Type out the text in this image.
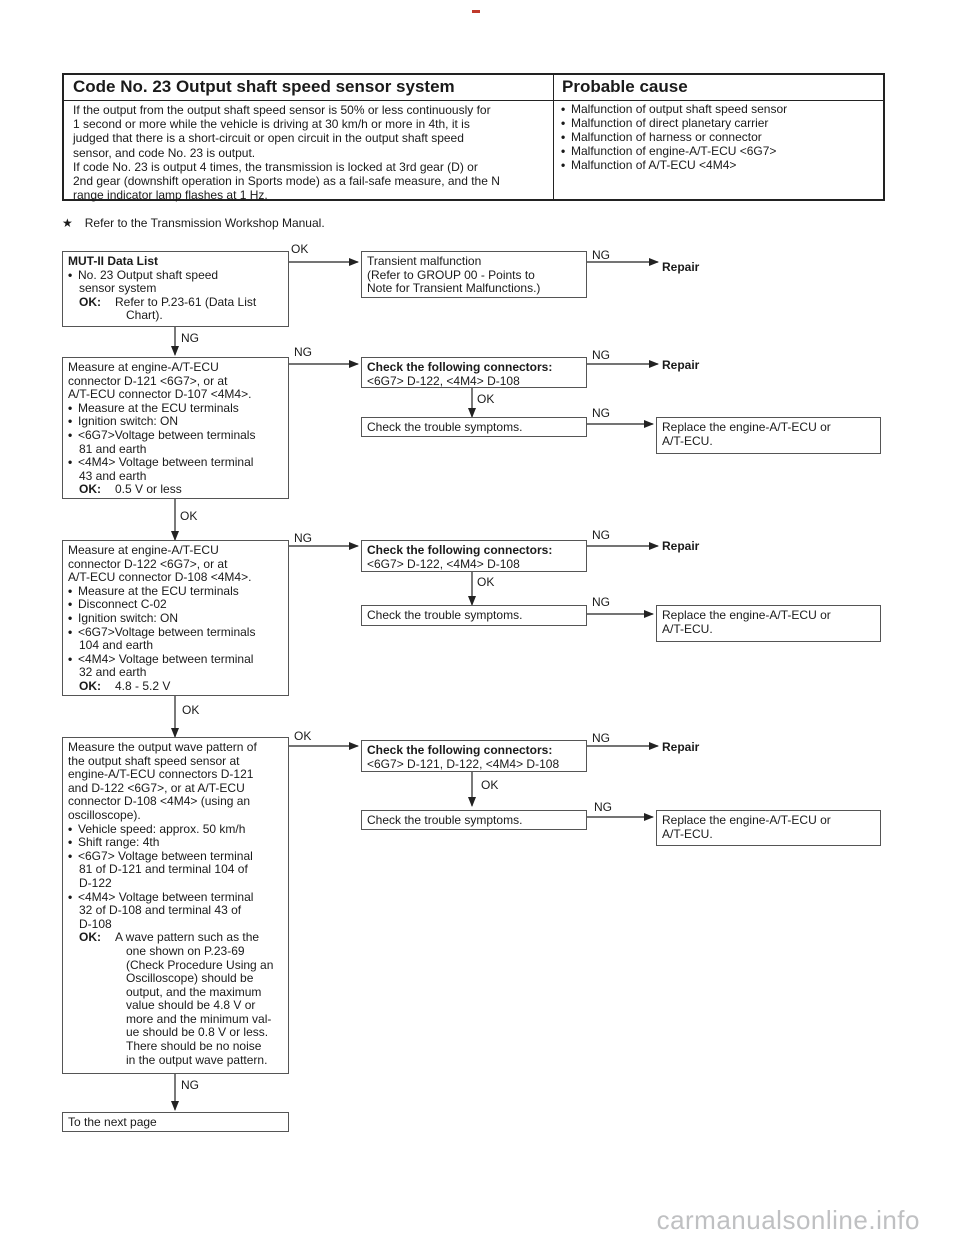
Code No. 23 Output shaft speed sensor system	Probable cause
If the output from the output shaft speed sensor is 50% or less continuously for
1 second or more while the vehicle is driving at 30 km/h or more in 4th, it is
judged that there is a short-circuit or open circuit in the output shaft speed
sensor, and code No. 23 is output.
If code No. 23 is output 4 times, the transmission is locked at 3rd gear (D) or
2nd gear (downshift operation in Sports mode) as a fail-safe measure, and the N
range indicator lamp flashes at 1 Hz.
• Malfunction of output shaft speed sensor
• Malfunction of direct planetary carrier
• Malfunction of harness or connector
• Malfunction of engine-A/T-ECU <6G7>
• Malfunction of A/T-ECU <4M4>
★ Refer to the Transmission Workshop Manual.
MUT-II Data List
• No. 23 Output shaft speed
sensor system
OK: Refer to P.23-61 (Data List
Chart).
Transient malfunction
(Refer to GROUP 00 - Points to
Note for Transient Malfunctions.)
Measure at engine-A/T-ECU
connector D-121 <6G7>, or at
A/T-ECU connector D-107 <4M4>.
• Measure at the ECU terminals
• Ignition switch: ON
• <6G7>Voltage between terminals
81 and earth
• <4M4> Voltage between terminal
43 and earth
OK: 0.5 V or less
Check the following connectors:
<6G7> D-122, <4M4> D-108
Check the trouble symptoms.	Replace the engine-A/T-ECU or
A/T-ECU.
Measure at engine-A/T-ECU
connector D-122 <6G7>, or at
A/T-ECU connector D-108 <4M4>.
• Measure at the ECU terminals
• Disconnect C-02
• Ignition switch: ON
• <6G7>Voltage between terminals
104 and earth
• <4M4> Voltage between terminal
32 and earth
OK: 4.8 - 5.2 V
Check the following connectors:
<6G7> D-122, <4M4> D-108
Check the trouble symptoms.	Replace the engine-A/T-ECU or
A/T-ECU.
Measure the output wave pattern of
the output shaft speed sensor at
engine-A/T-ECU connectors D-121
and D-122 <6G7>, or at A/T-ECU
connector D-108 <4M4> (using an
oscilloscope).
• Vehicle speed: approx. 50 km/h
• Shift range: 4th
• <6G7> Voltage between terminal
81 of D-121 and terminal 104 of
D-122
• <4M4> Voltage between terminal
32 of D-108 and terminal 43 of
D-108
OK: A wave pattern such as the
one shown on P.23-69
(Check Procedure Using an
Oscilloscope) should be
output, and the maximum
value should be 4.8 V or
more and the minimum val-
ue should be 0.8 V or less.
There should be no noise
in the output wave pattern.
Check the following connectors:
<6G7> D-121, D-122, <4M4> D-108
Check the trouble symptoms.	Replace the engine-A/T-ECU or
A/T-ECU.
To the next page
Repair
Repair
Repair
Repair
OK	NG
NG
NG	NG
OK
NG
OK
NG	NG
OK
NG
OK
OK	NG
OK
NG
NG
carmanualsonline.info
